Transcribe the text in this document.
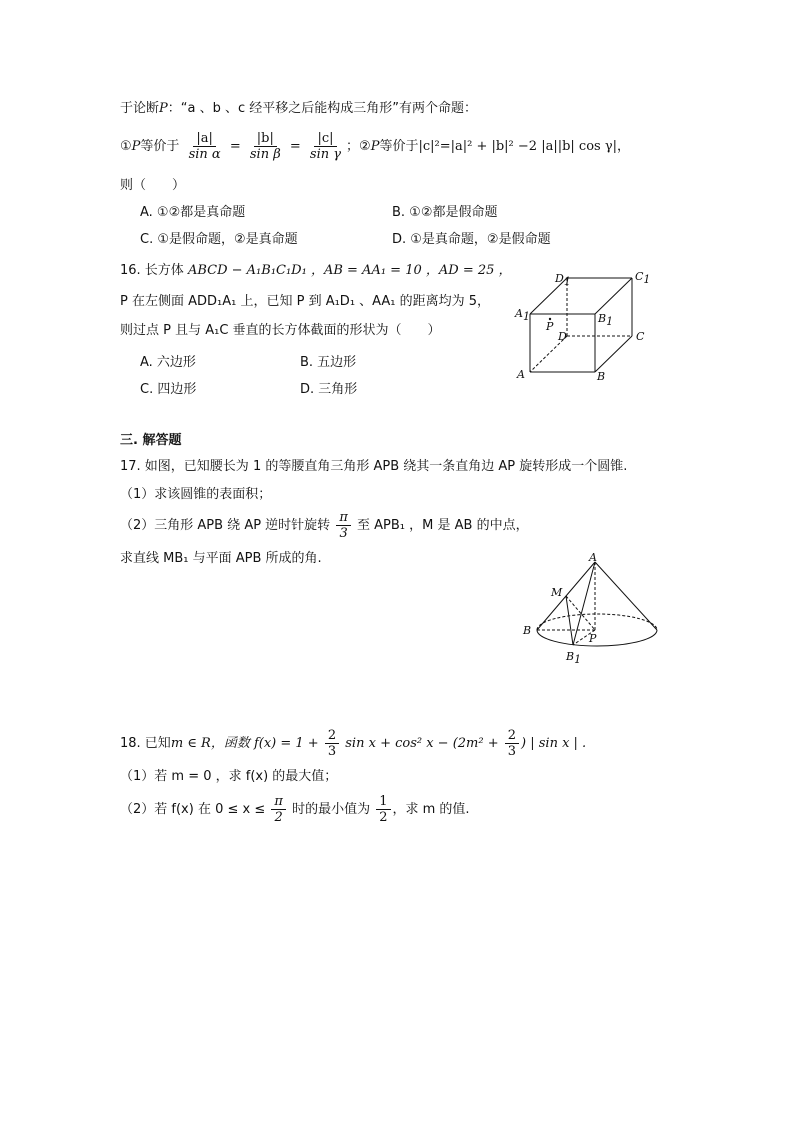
于论断P：“a 、b 、c 经平移之后能构成三角形”有两个命题：
①P等价于 $\frac{|a|}{\text{sin α}} = \frac{|b|}{\text{sin β}} = \frac{|c|}{\text{sin γ}}$ ；②P等价于|c|²=|a|² + |b|² −2 |a||b| cos γ|，
则（　　）
A. ①②都是真命题	B. ①②都是假命题
C. ①是假命题，②是真命题	D. ①是真命题，②是假命题
16. 长方体 ABCD − A₁B₁C₁D₁ ，AB = AA₁ = 10 ，AD = 25 ，
P 在左侧面 ADD₁A₁ 上，已知 P 到 A₁D₁ 、AA₁ 的距离均为 5，
则过点 P 且与 A₁C 垂直的长方体截面的形状为（　　）
A. 六边形	B. 五边形
C. 四边形	D. 三角形
D1	C1
A1	B1
P
D	C
A	B
三. 解答题
17. 如图，已知腰长为 1 的等腰直角三角形 APB 绕其一条直角边 AP 旋转形成一个圆锥.
（1）求该圆锥的表面积；
（2）三角形 APB 绕 AP 逆时针旋转 $\frac{\pi}{3}$ 至 APB₁ ，M 是 AB 的中点，
求直线 MB₁ 与平面 APB 所成的角.	A
M
B
P
B1
18. 已知m ∈ R，函数 $f(x) = 1 + \frac{2}{3}$ sin x + cos² $x - (2m^2 + \frac{2}{3}$ ) | sin x | .
（1）若 m = 0 ，求 f(x) 的最大值；
（2）若 f(x) 在 $0 \le x \le \frac{\pi}{2}$ 时的最小值为 $\frac{1}{2}$ ，求 m 的值.
